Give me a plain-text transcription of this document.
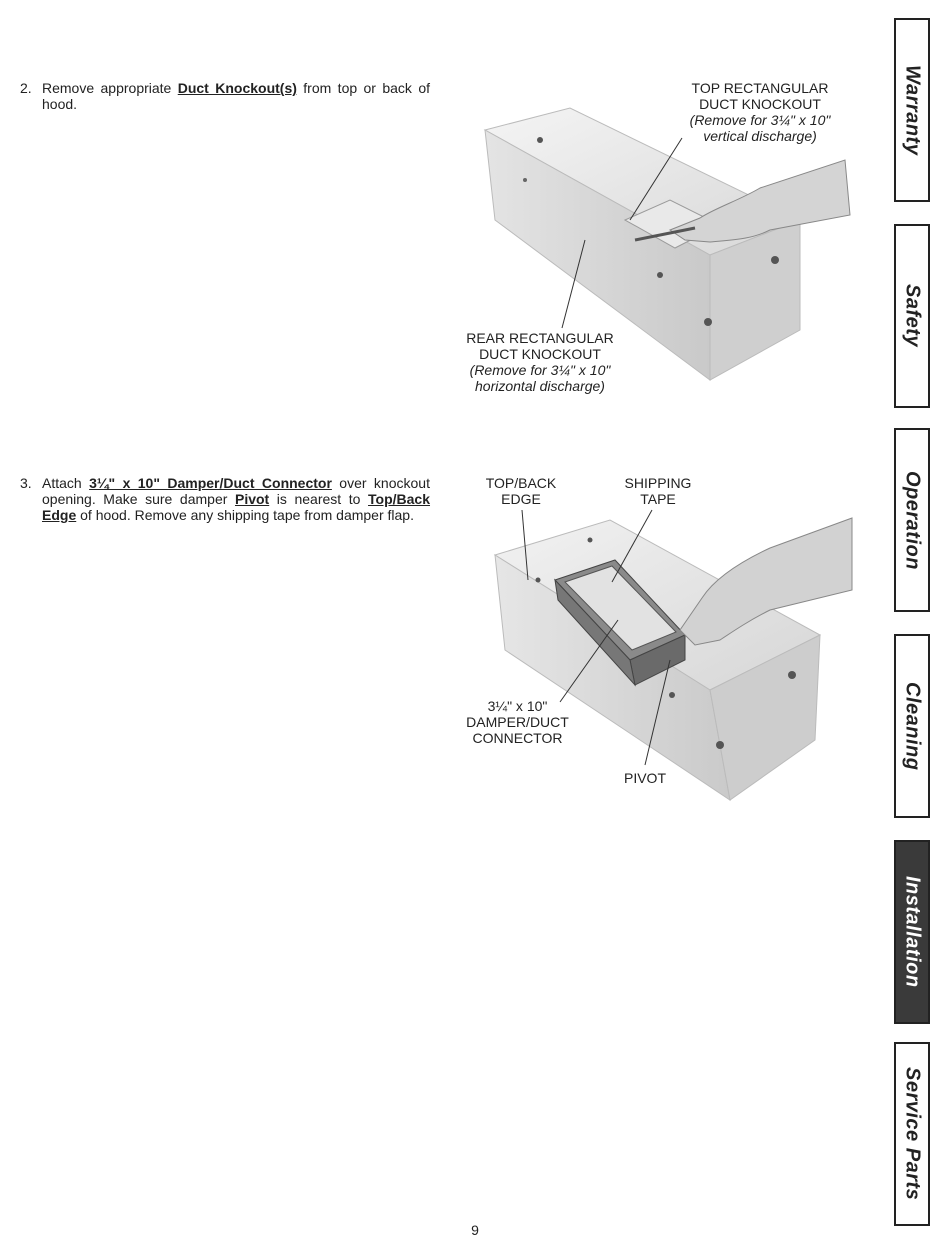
2. Remove appropriate Duct Knockout(s) from top or back of hood.
TOP RECTANGULAR
DUCT KNOCKOUT
(Remove for 3¼" x 10"
vertical discharge)
REAR RECTANGULAR
DUCT KNOCKOUT
(Remove for 3¼" x 10"
horizontal discharge)
3. Attach 3¼" x 10" Damper/Duct Connector over knockout opening. Make sure damper Pivot is nearest to Top/Back Edge of hood. Remove any shipping tape from damper flap.
TOP/BACK
EDGE
SHIPPING
TAPE
3¼" x 10"
DAMPER/DUCT
CONNECTOR
PIVOT
Warranty
Safety
Operation
Cleaning
Installation
Service Parts
9
